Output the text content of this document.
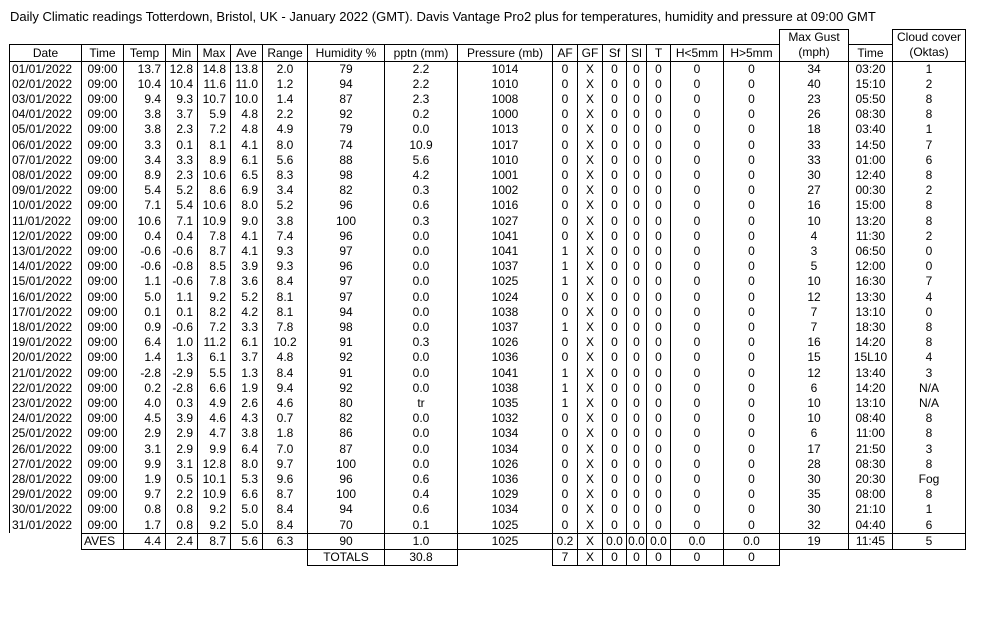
Daily Climatic readings Totterdown, Bristol, UK - January 2022 (GMT). Davis Vantage Pro2 plus for temperatures, humidity and pressure at 09:00 GMT
																	Max Gust		Cloud cover
Date	Time	Temp	Min	Max	Ave	Range	Humidity %	pptn (mm)	Pressure (mb)	AF	GF	Sf	Sl	T	H<5mm	H>5mm	(mph)	Time	(Oktas)
01/01/2022	09:00	13.7	12.8	14.8	13.8	2.0	79	2.2	1014	0	X	0	0	0	0	0	34	03:20	1
02/01/2022	09:00	10.4	10.4	11.6	11.0	1.2	94	2.2	1010	0	X	0	0	0	0	0	40	15:10	2
03/01/2022	09:00	9.4	9.3	10.7	10.0	1.4	87	2.3	1008	0	X	0	0	0	0	0	23	05:50	8
04/01/2022	09:00	3.8	3.7	5.9	4.8	2.2	92	0.2	1000	0	X	0	0	0	0	0	26	08:30	8
05/01/2022	09:00	3.8	2.3	7.2	4.8	4.9	79	0.0	1013	0	X	0	0	0	0	0	18	03:40	1
06/01/2022	09:00	3.3	0.1	8.1	4.1	8.0	74	10.9	1017	0	X	0	0	0	0	0	33	14:50	7
07/01/2022	09:00	3.4	3.3	8.9	6.1	5.6	88	5.6	1010	0	X	0	0	0	0	0	33	01:00	6
08/01/2022	09:00	8.9	2.3	10.6	6.5	8.3	98	4.2	1001	0	X	0	0	0	0	0	30	12:40	8
09/01/2022	09:00	5.4	5.2	8.6	6.9	3.4	82	0.3	1002	0	X	0	0	0	0	0	27	00:30	2
10/01/2022	09:00	7.1	5.4	10.6	8.0	5.2	96	0.6	1016	0	X	0	0	0	0	0	16	15:00	8
11/01/2022	09:00	10.6	7.1	10.9	9.0	3.8	100	0.3	1027	0	X	0	0	0	0	0	10	13:20	8
12/01/2022	09:00	0.4	0.4	7.8	4.1	7.4	96	0.0	1041	0	X	0	0	0	0	0	4	11:30	2
13/01/2022	09:00	-0.6	-0.6	8.7	4.1	9.3	97	0.0	1041	1	X	0	0	0	0	0	3	06:50	0
14/01/2022	09:00	-0.6	-0.8	8.5	3.9	9.3	96	0.0	1037	1	X	0	0	0	0	0	5	12:00	0
15/01/2022	09:00	1.1	-0.6	7.8	3.6	8.4	97	0.0	1025	1	X	0	0	0	0	0	10	16:30	7
16/01/2022	09:00	5.0	1.1	9.2	5.2	8.1	97	0.0	1024	0	X	0	0	0	0	0	12	13:30	4
17/01/2022	09:00	0.1	0.1	8.2	4.2	8.1	94	0.0	1038	0	X	0	0	0	0	0	7	13:10	0
18/01/2022	09:00	0.9	-0.6	7.2	3.3	7.8	98	0.0	1037	1	X	0	0	0	0	0	7	18:30	8
19/01/2022	09:00	6.4	1.0	11.2	6.1	10.2	91	0.3	1026	0	X	0	0	0	0	0	16	14:20	8
20/01/2022	09:00	1.4	1.3	6.1	3.7	4.8	92	0.0	1036	0	X	0	0	0	0	0	15	15L10	4
21/01/2022	09:00	-2.8	-2.9	5.5	1.3	8.4	91	0.0	1041	1	X	0	0	0	0	0	12	13:40	3
22/01/2022	09:00	0.2	-2.8	6.6	1.9	9.4	92	0.0	1038	1	X	0	0	0	0	0	6	14:20	N/A
23/01/2022	09:00	4.0	0.3	4.9	2.6	4.6	80	tr	1035	1	X	0	0	0	0	0	10	13:10	N/A
24/01/2022	09:00	4.5	3.9	4.6	4.3	0.7	82	0.0	1032	0	X	0	0	0	0	0	10	08:40	8
25/01/2022	09:00	2.9	2.9	4.7	3.8	1.8	86	0.0	1034	0	X	0	0	0	0	0	6	11:00	8
26/01/2022	09:00	3.1	2.9	9.9	6.4	7.0	87	0.0	1034	0	X	0	0	0	0	0	17	21:50	3
27/01/2022	09:00	9.9	3.1	12.8	8.0	9.7	100	0.0	1026	0	X	0	0	0	0	0	28	08:30	8
28/01/2022	09:00	1.9	0.5	10.1	5.3	9.6	96	0.6	1036	0	X	0	0	0	0	0	30	20:30	Fog
29/01/2022	09:00	9.7	2.2	10.9	6.6	8.7	100	0.4	1029	0	X	0	0	0	0	0	35	08:00	8
30/01/2022	09:00	0.8	0.8	9.2	5.0	8.4	94	0.6	1034	0	X	0	0	0	0	0	30	21:10	1
31/01/2022	09:00	1.7	0.8	9.2	5.0	8.4	70	0.1	1025	0	X	0	0	0	0	0	32	04:40	6
	AVES	4.4	2.4	8.7	5.6	6.3	90	1.0	1025	0.2	X	0.0	0.0	0.0	0.0	0.0	19	11:45	5
							TOTALS	30.8		7	X	0	0	0	0	0			
